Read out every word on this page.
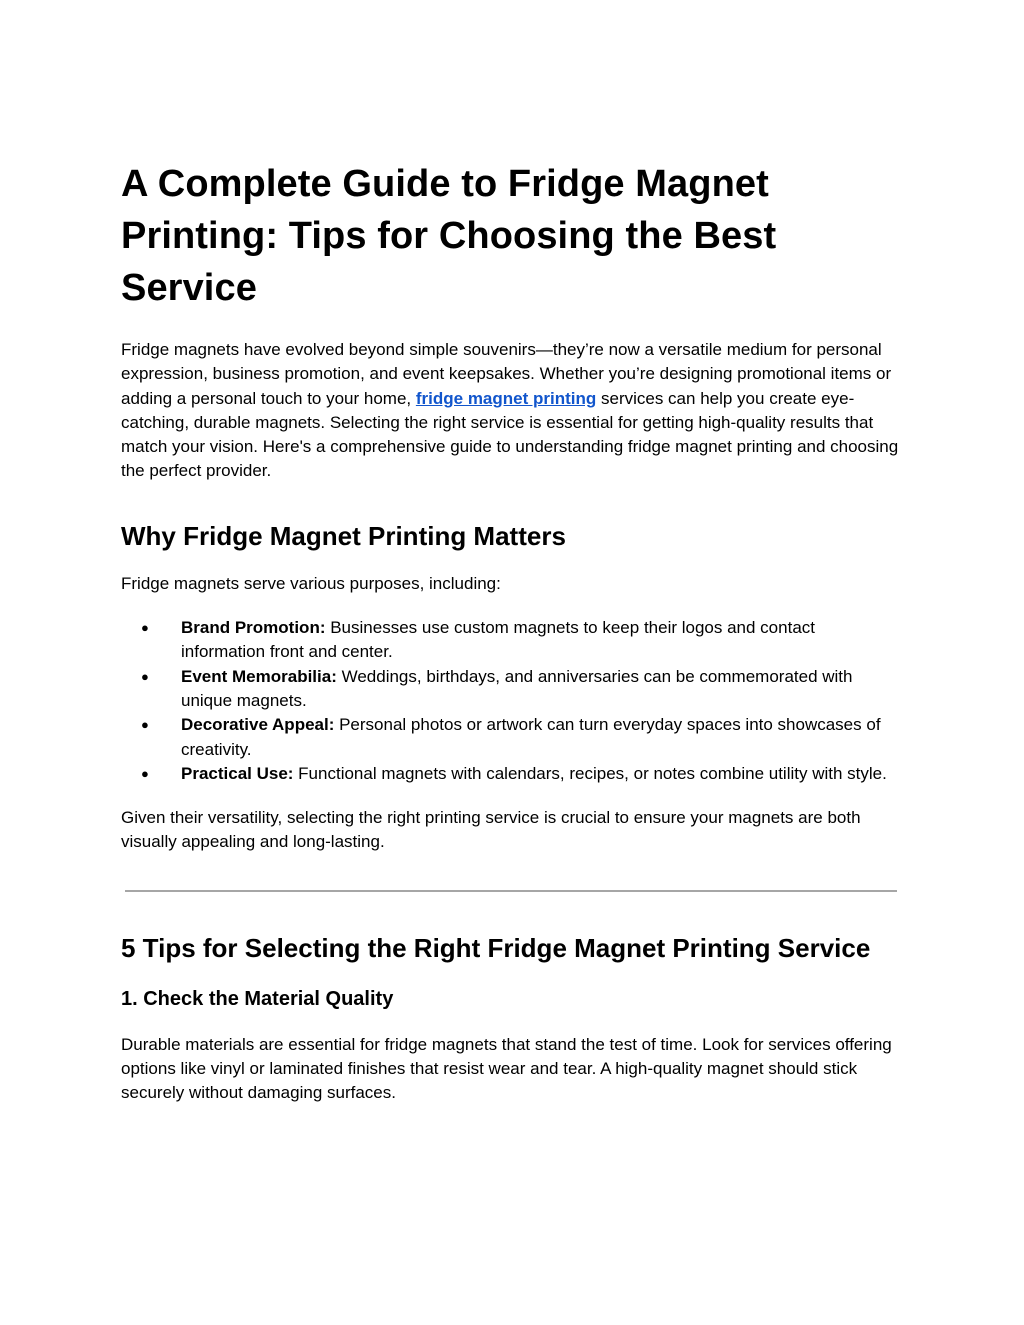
A Complete Guide to Fridge Magnet Printing: Tips for Choosing the Best Service

Fridge magnets have evolved beyond simple souvenirs—they’re now a versatile medium for personal expression, business promotion, and event keepsakes. Whether you’re designing promotional items or adding a personal touch to your home, fridge magnet printing services can help you create eye-catching, durable magnets. Selecting the right service is essential for getting high-quality results that match your vision. Here's a comprehensive guide to understanding fridge magnet printing and choosing the perfect provider.

Why Fridge Magnet Printing Matters

Fridge magnets serve various purposes, including:

● Brand Promotion: Businesses use custom magnets to keep their logos and contact information front and center.
● Event Memorabilia: Weddings, birthdays, and anniversaries can be commemorated with unique magnets.
● Decorative Appeal: Personal photos or artwork can turn everyday spaces into showcases of creativity.
● Practical Use: Functional magnets with calendars, recipes, or notes combine utility with style.

Given their versatility, selecting the right printing service is crucial to ensure your magnets are both visually appealing and long-lasting.

5 Tips for Selecting the Right Fridge Magnet Printing Service
1. Check the Material Quality

Durable materials are essential for fridge magnets that stand the test of time. Look for services offering options like vinyl or laminated finishes that resist wear and tear. A high-quality magnet should stick securely without damaging surfaces.
